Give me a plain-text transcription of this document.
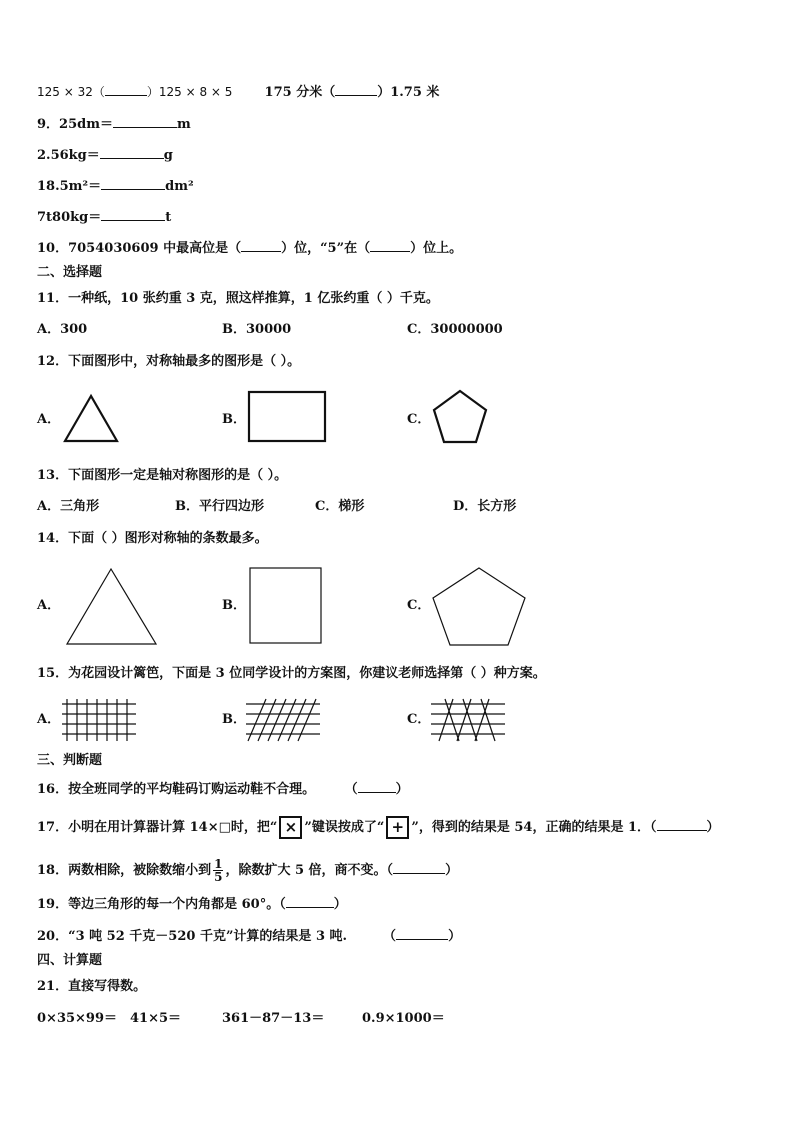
125 × 32（	）125 × 8 × 5 175 分米（	）1.75 米
9．25dm＝	m
2.56kg＝	g
18.5m²＝	dm²
7t80kg＝	t
10．7054030609 中最高位是（	）位，“5”在（	）位上。
二、选择题
11．一种纸，10 张约重 3 克，照这样推算，1 亿张约重（ ）千克。
A．300	B．30000	C．30000000
12．下面图形中，对称轴最多的图形是（ ）。
A．	B．	C．
13．下面图形一定是轴对称图形的是（ ）。
A．三角形	B．平行四边形	C．梯形	D．长方形
14．下面（ ）图形对称轴的条数最多。
A．	B．	C．
15．为花园设计篱笆，下面是 3 位同学设计的方案图，你建议老师选择第（ ）种方案。
A．	B．	C．
三、判断题
16．按全班同学的平均鞋码订购运动鞋不合理。	（	）
17．小明在用计算器计算 14×□时，把“ × ”键误按成了“ + ”，得到的结果是 54，正确的结果是 1．（	）
18．两数相除，被除数缩小到 $\frac{1}{5}$ ，除数扩大 5 倍，商不变。（	）
19．等边三角形的每一个内角都是 60°。（	）
20．“3 吨 52 千克－520 千克”计算的结果是 3 吨.	（	）
四、计算题
21．直接写得数。
0×35×99＝ 41×5＝	361－87－13＝	0.9×1000＝
